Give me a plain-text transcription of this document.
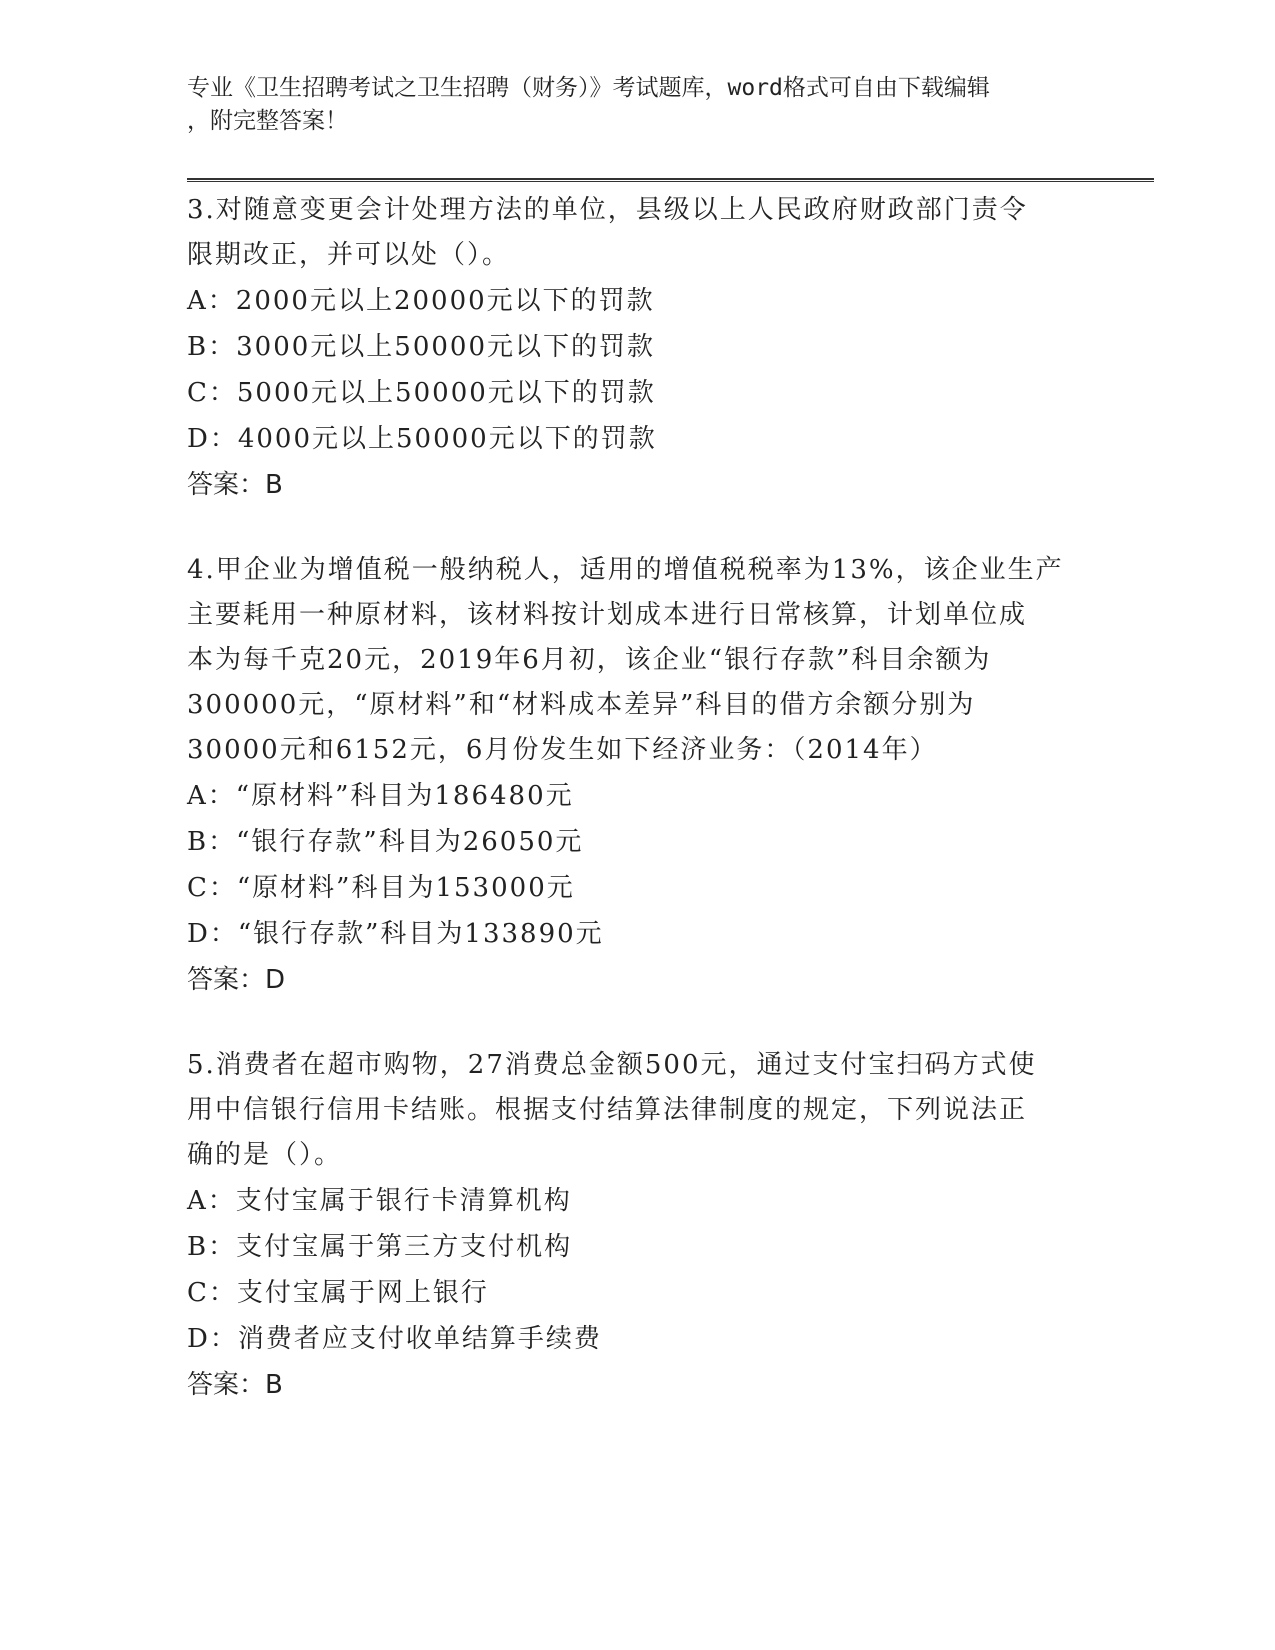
专业《卫生招聘考试之卫生招聘（财务）》考试题库，word格式可自由下载编辑
，附完整答案！

3.对随意变更会计处理方法的单位，县级以上人民政府财政部门责令

限期改正，并可以处（）。

A：2000元以上20000元以下的罚款

B：3000元以上50000元以下的罚款

C：5000元以上50000元以下的罚款

D：4000元以上50000元以下的罚款

答案：B

4.甲企业为增值税一般纳税人，适用的增值税税率为13%，该企业生产

主要耗用一种原材料，该材料按计划成本进行日常核算，计划单位成

本为每千克20元，2019年6月初，该企业“银行存款”科目余额为

300000元，“原材料”和“材料成本差异”科目的借方余额分别为

30000元和6152元，6月份发生如下经济业务：（2014年）

A：“原材料”科目为186480元

B：“银行存款”科目为26050元

C：“原材料”科目为153000元

D：“银行存款”科目为133890元

答案：D

5.消费者在超市购物，27消费总金额500元，通过支付宝扫码方式使

用中信银行信用卡结账。根据支付结算法律制度的规定，下列说法正

确的是（）。

A：支付宝属于银行卡清算机构

B：支付宝属于第三方支付机构

C：支付宝属于网上银行

D：消费者应支付收单结算手续费

答案：B
